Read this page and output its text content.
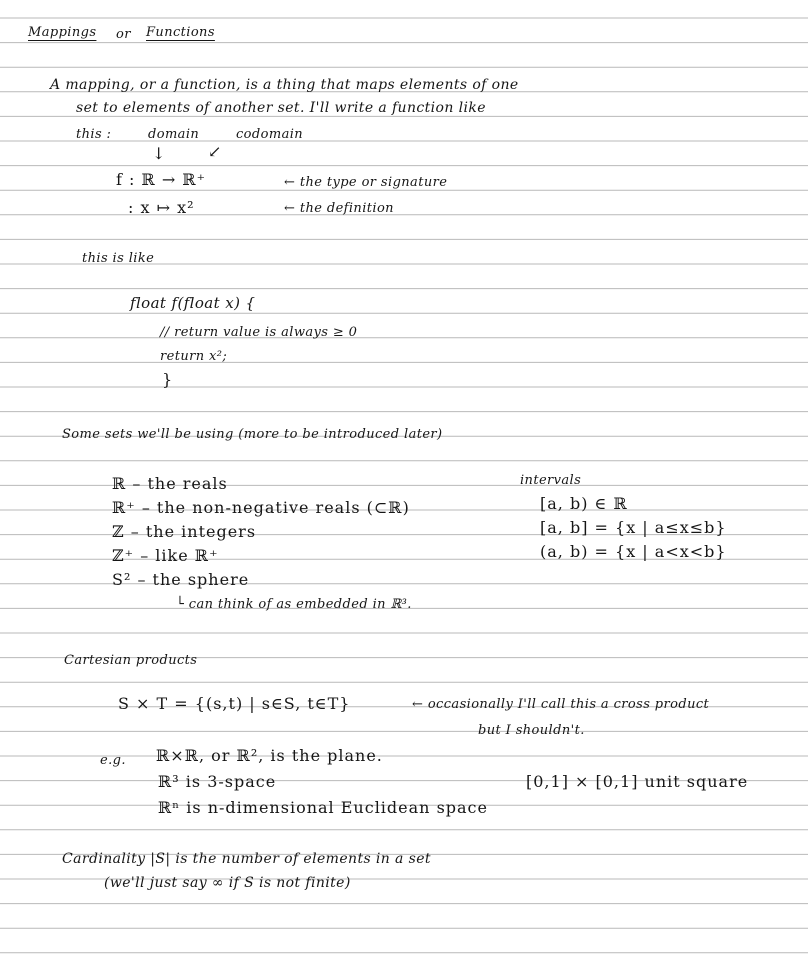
Mappings or Functions
A mapping, or a function, is a thing that maps elements of one
set to elements of another set. I'll write a function like
this :	domain	codomain
↓	↙
f : ℝ → ℝ⁺	← the type or signature
: x ↦ x²	← the definition
this is like
float f(float x) {
// return value is always ≥ 0
return x²;
}
Some sets we'll be using (more to be introduced later)
ℝ – the reals
ℝ⁺ – the non-negative reals (⊂ℝ)
ℤ – the integers
ℤ⁺ – like ℝ⁺
S² – the sphere
└ can think of as embedded in ℝ³.
intervals
[a, b) ∈ ℝ
[a, b] = {x | a≤x≤b}
(a, b) = {x | a<x<b}
Cartesian products
S × T = {(s,t) | s∈S, t∈T}	← occasionally I'll call this a cross product
but I shouldn't.
e.g. ℝ×ℝ, or ℝ², is the plane.
ℝ³ is 3-space
ℝⁿ is n-dimensional Euclidean space
[0,1] × [0,1] unit square
Cardinality |S| is the number of elements in a set
(we'll just say ∞ if S is not finite)
